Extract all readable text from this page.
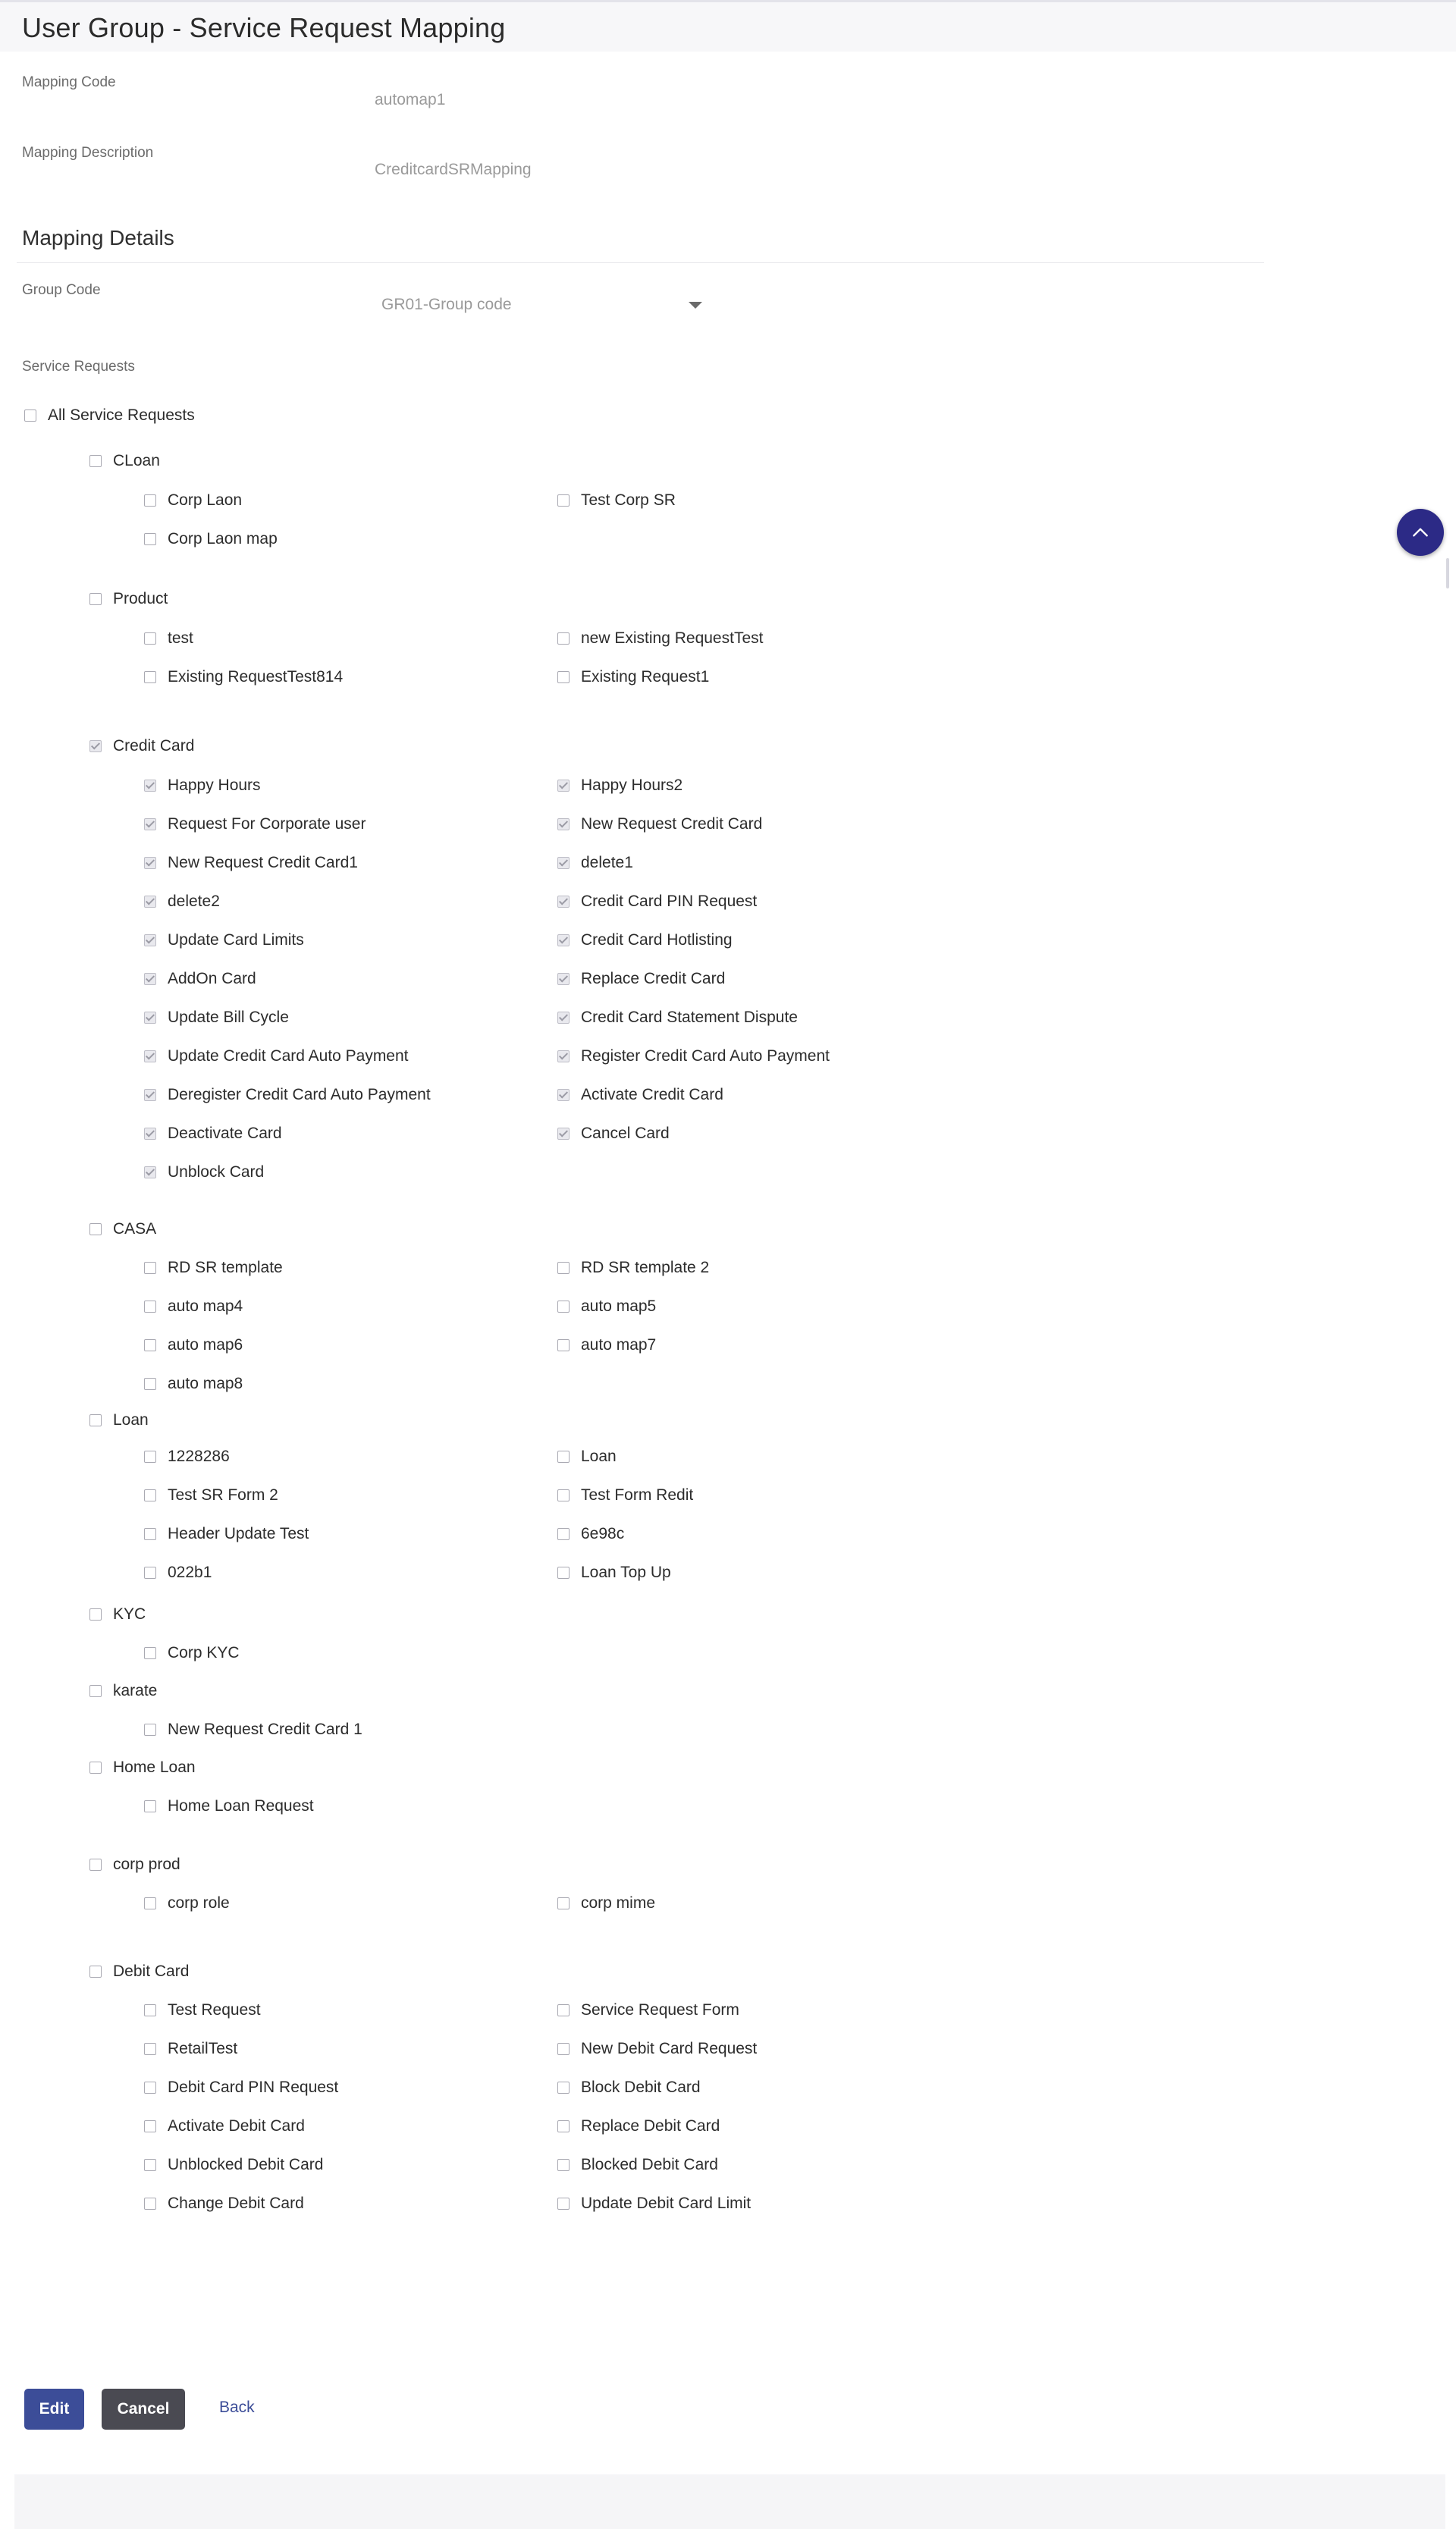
User Group - Service Request Mapping
Mapping Code
automap1
Mapping Description
CreditcardSRMapping
Mapping Details
Group Code
GR01-Group code
Service Requests
All Service Requests
CLoan
Corp Laon	Test Corp SR
Corp Laon map
Product
test	new Existing RequestTest
Existing RequestTest814	Existing Request1
Credit Card
Happy Hours	Happy Hours2
Request For Corporate user	New Request Credit Card
New Request Credit Card1	delete1
delete2	Credit Card PIN Request
Update Card Limits	Credit Card Hotlisting
AddOn Card	Replace Credit Card
Update Bill Cycle	Credit Card Statement Dispute
Update Credit Card Auto Payment	Register Credit Card Auto Payment
Deregister Credit Card Auto Payment	Activate Credit Card
Deactivate Card	Cancel Card
Unblock Card
CASA
RD SR template	RD SR template 2
auto map4	auto map5
auto map6	auto map7
auto map8
Loan
1228286	Loan
Test SR Form 2	Test Form Redit
Header Update Test	6e98c
022b1	Loan Top Up
KYC
Corp KYC
karate
New Request Credit Card 1
Home Loan
Home Loan Request
corp prod
corp role	corp mime
Debit Card
Test Request	Service Request Form
RetailTest	New Debit Card Request
Debit Card PIN Request	Block Debit Card
Activate Debit Card	Replace Debit Card
Unblocked Debit Card	Blocked Debit Card
Change Debit Card	Update Debit Card Limit
Edit	Cancel	Back
